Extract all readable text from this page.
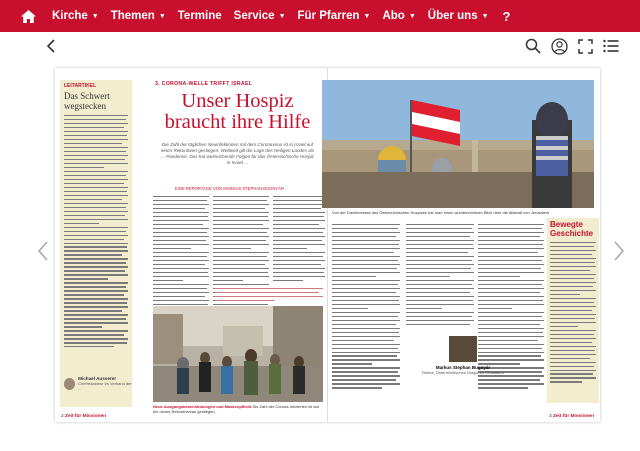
Kirche ▼ Themen ▼ Termine Service ▼ Für Pfarren ▼ Abo ▼ Über uns ▼ ?
LEITARTIKEL
Das Schwert wegstecken
Michael Ausserer
Chefredakteur im Verband der ...
3. CORONA-WELLE TRIFFT ISRAEL
Unser Hospiz braucht ihre Hilfe
Die Zahl der täglichen Neuinfektionen mit dem Coronavirus ist in Israel auf einen Rekordwert gestiegen. Weltweit gilt die Lage des Heiligen Landes als ... Pandemie. Das hat weitreichende Folgen für das Österreichische Hospiz in Israel ...
EINE REPORTAGE VON MARKUS STEPHAN BUGNYÁR
Neue Ausgangsbeschränkungen und Maskenpflicht Die Zahl der Corona-Infizierten ist auf ein neues Rekordniveau gestiegen.
2 Zeit für Missionen
Von der Dachterrasse des Österreichischen Hospizes hat man einen wunderschönen Blick über die Altstadt von Jerusalem.
Markus Stephan Bugnyár
Rektor, Österreichisches Hospiz zu Jerusalem
Bewegte Geschichte
3 Zeit für Missionen
